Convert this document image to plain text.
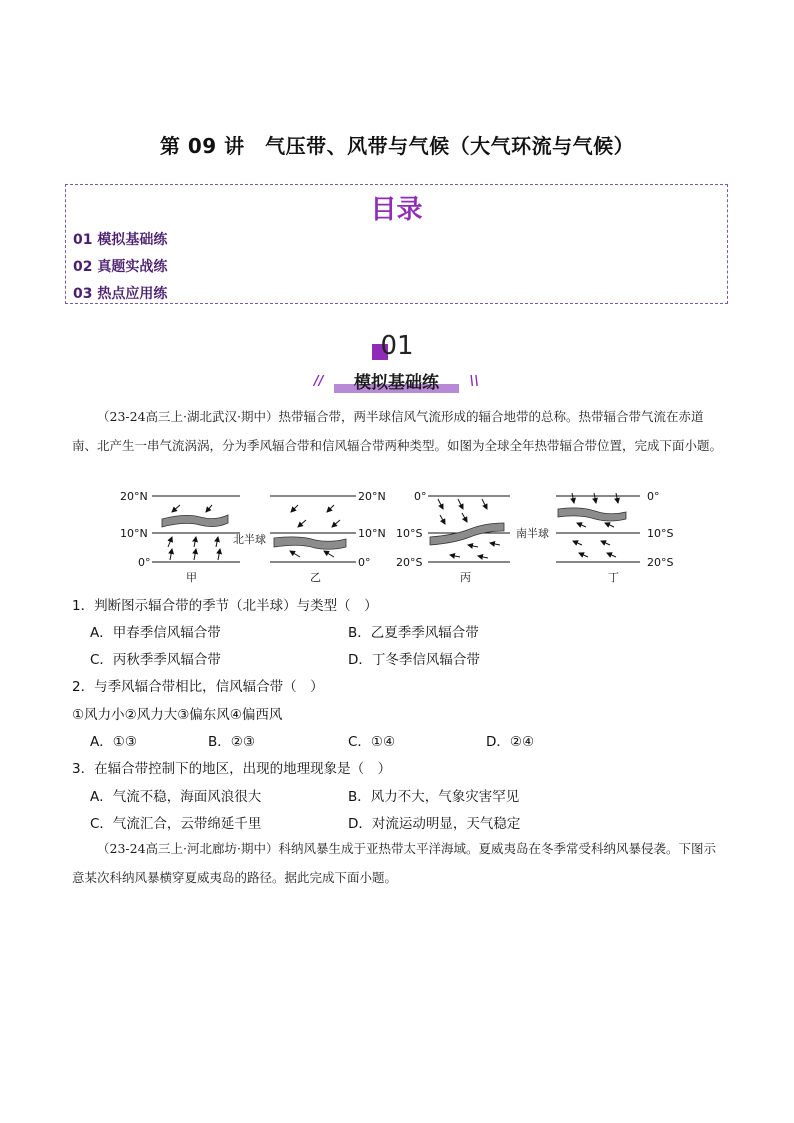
第 09 讲　气压带、风带与气候（大气环流与气候）
目录
01 模拟基础练
02 真题实战练
03 热点应用练
01
//	模拟基础练	\\
（23-24高三上·湖北武汉·期中）热带辐合带，两半球信风气流形成的辐合地带的总称。热带辐合带气流在赤道南、北产生一串气流涡涡，分为季风辐合带和信风辐合带两种类型。如图为全球全年热带辐合带位置，完成下面小题。
20°N
10°N
0°
甲
北半球
20°N
10°N
0°
乙
0°
10°S
20°S
丙
南半球
0°
10°S
20°S
丁
1．判断图示辐合带的季节（北半球）与类型（　）
A．甲春季信风辐合带	B．乙夏季季风辐合带
C．丙秋季季风辐合带	D．丁冬季信风辐合带
2．与季风辐合带相比，信风辐合带（　）
①风力小②风力大③偏东风④偏西风
A．①③	B．②③	C．①④	D．②④
3．在辐合带控制下的地区，出现的地理现象是（　）
A．气流不稳，海面风浪很大	B．风力不大，气象灾害罕见
C．气流汇合，云带绵延千里	D．对流运动明显，天气稳定
（23-24高三上·河北廊坊·期中）科纳风暴生成于亚热带太平洋海域。夏威夷岛在冬季常受科纳风暴侵袭。下图示意某次科纳风暴横穿夏威夷岛的路径。据此完成下面小题。
